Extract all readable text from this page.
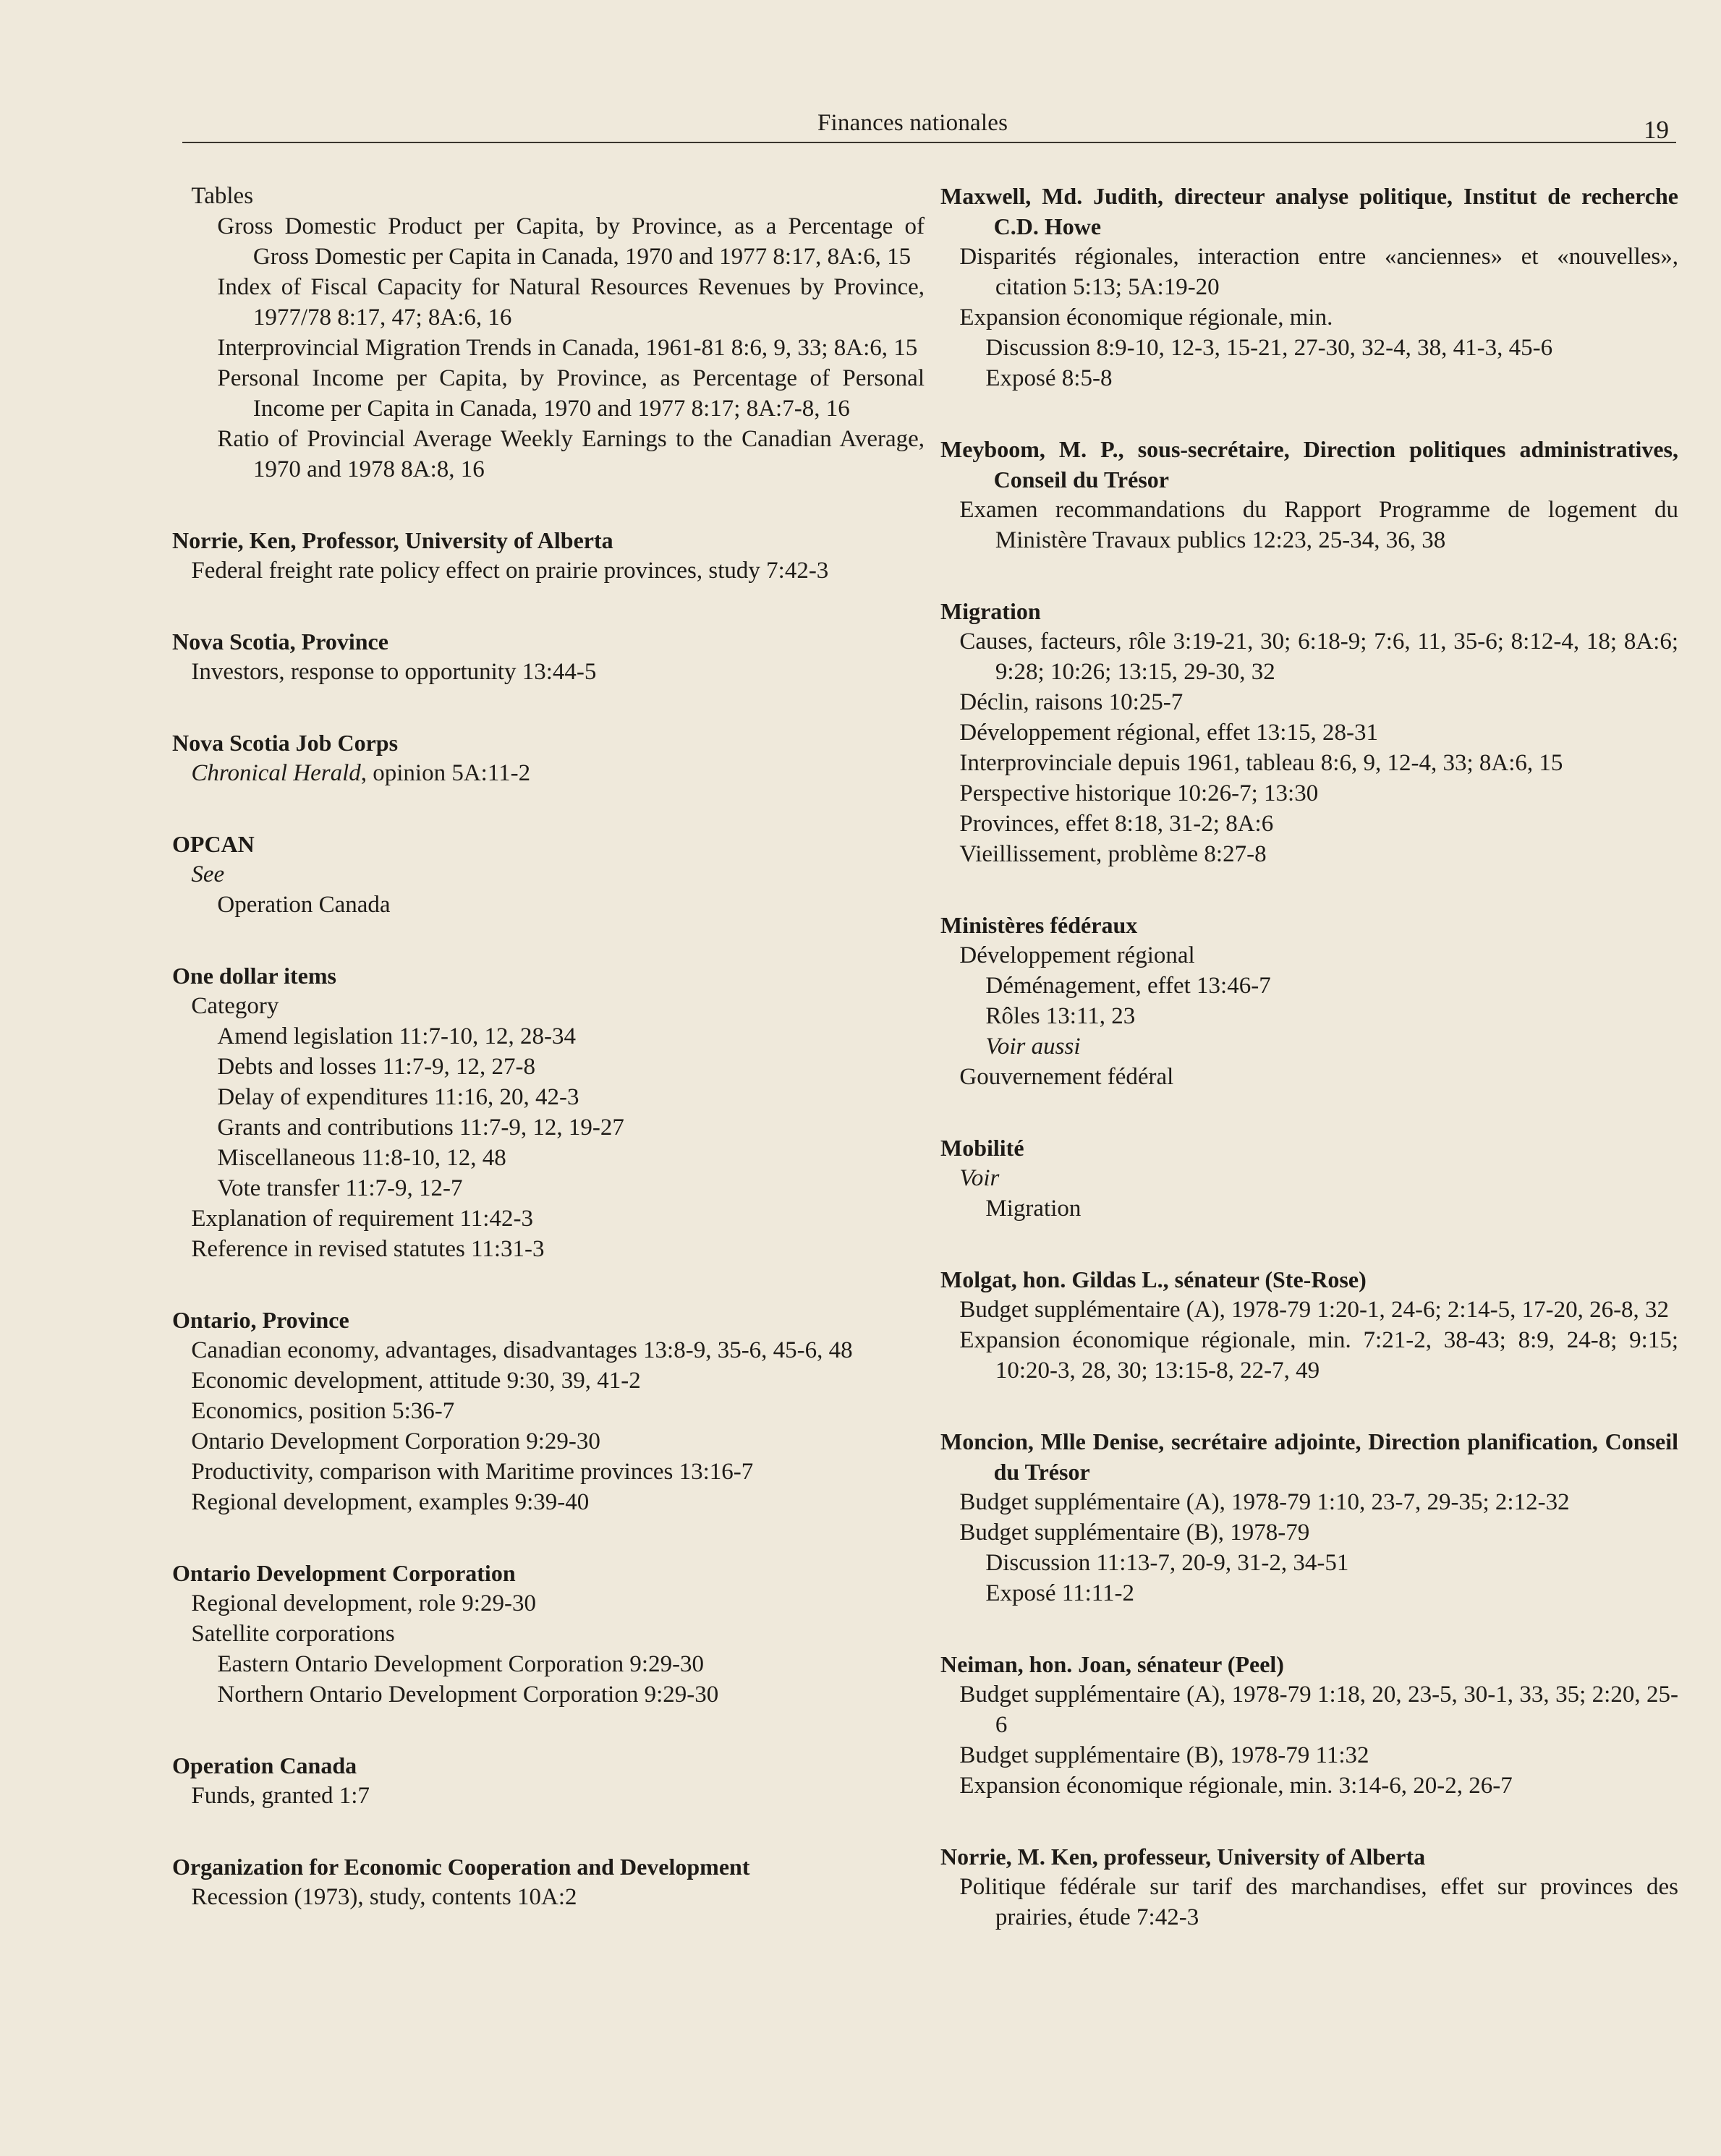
Finances nationales	19
Tables
Gross Domestic Product per Capita, by Province, as a Percentage of Gross Domestic per Capita in Canada, 1970 and 1977 8:17, 8A:6, 15
Index of Fiscal Capacity for Natural Resources Revenues by Province, 1977/78 8:17, 47; 8A:6, 16
Interprovincial Migration Trends in Canada, 1961-81 8:6, 9, 33; 8A:6, 15
Personal Income per Capita, by Province, as Percentage of Personal Income per Capita in Canada, 1970 and 1977 8:17; 8A:7-8, 16
Ratio of Provincial Average Weekly Earnings to the Canadian Average, 1970 and 1978 8A:8, 16
Norrie, Ken, Professor, University of Alberta
Federal freight rate policy effect on prairie provinces, study 7:42-3
Nova Scotia, Province
Investors, response to opportunity 13:44-5
Nova Scotia Job Corps
Chronical Herald, opinion 5A:11-2
OPCAN
See
Operation Canada
One dollar items
Category
Amend legislation 11:7-10, 12, 28-34
Debts and losses 11:7-9, 12, 27-8
Delay of expenditures 11:16, 20, 42-3
Grants and contributions 11:7-9, 12, 19-27
Miscellaneous 11:8-10, 12, 48
Vote transfer 11:7-9, 12-7
Explanation of requirement 11:42-3
Reference in revised statutes 11:31-3
Ontario, Province
Canadian economy, advantages, disadvantages 13:8-9, 35-6, 45-6, 48
Economic development, attitude 9:30, 39, 41-2
Economics, position 5:36-7
Ontario Development Corporation 9:29-30
Productivity, comparison with Maritime provinces 13:16-7
Regional development, examples 9:39-40
Ontario Development Corporation
Regional development, role 9:29-30
Satellite corporations
Eastern Ontario Development Corporation 9:29-30
Northern Ontario Development Corporation 9:29-30
Operation Canada
Funds, granted 1:7
Organization for Economic Cooperation and Development
Recession (1973), study, contents 10A:2
Maxwell, Md. Judith, directeur analyse politique, Institut de recherche C.D. Howe
Disparités régionales, interaction entre «anciennes» et «nouvelles», citation 5:13; 5A:19-20
Expansion économique régionale, min.
Discussion 8:9-10, 12-3, 15-21, 27-30, 32-4, 38, 41-3, 45-6
Exposé 8:5-8
Meyboom, M. P., sous-secrétaire, Direction politiques administratives, Conseil du Trésor
Examen recommandations du Rapport Programme de logement du Ministère Travaux publics 12:23, 25-34, 36, 38
Migration
Causes, facteurs, rôle 3:19-21, 30; 6:18-9; 7:6, 11, 35-6; 8:12-4, 18; 8A:6; 9:28; 10:26; 13:15, 29-30, 32
Déclin, raisons 10:25-7
Développement régional, effet 13:15, 28-31
Interprovinciale depuis 1961, tableau 8:6, 9, 12-4, 33; 8A:6, 15
Perspective historique 10:26-7; 13:30
Provinces, effet 8:18, 31-2; 8A:6
Vieillissement, problème 8:27-8
Ministères fédéraux
Développement régional
Déménagement, effet 13:46-7
Rôles 13:11, 23
Voir aussi
Gouvernement fédéral
Mobilité
Voir
Migration
Molgat, hon. Gildas L., sénateur (Ste-Rose)
Budget supplémentaire (A), 1978-79 1:20-1, 24-6; 2:14-5, 17-20, 26-8, 32
Expansion économique régionale, min. 7:21-2, 38-43; 8:9, 24-8; 9:15; 10:20-3, 28, 30; 13:15-8, 22-7, 49
Moncion, Mlle Denise, secrétaire adjointe, Direction planification, Conseil du Trésor
Budget supplémentaire (A), 1978-79 1:10, 23-7, 29-35; 2:12-32
Budget supplémentaire (B), 1978-79
Discussion 11:13-7, 20-9, 31-2, 34-51
Exposé 11:11-2
Neiman, hon. Joan, sénateur (Peel)
Budget supplémentaire (A), 1978-79 1:18, 20, 23-5, 30-1, 33, 35; 2:20, 25-6
Budget supplémentaire (B), 1978-79 11:32
Expansion économique régionale, min. 3:14-6, 20-2, 26-7
Norrie, M. Ken, professeur, University of Alberta
Politique fédérale sur tarif des marchandises, effet sur provinces des prairies, étude 7:42-3
